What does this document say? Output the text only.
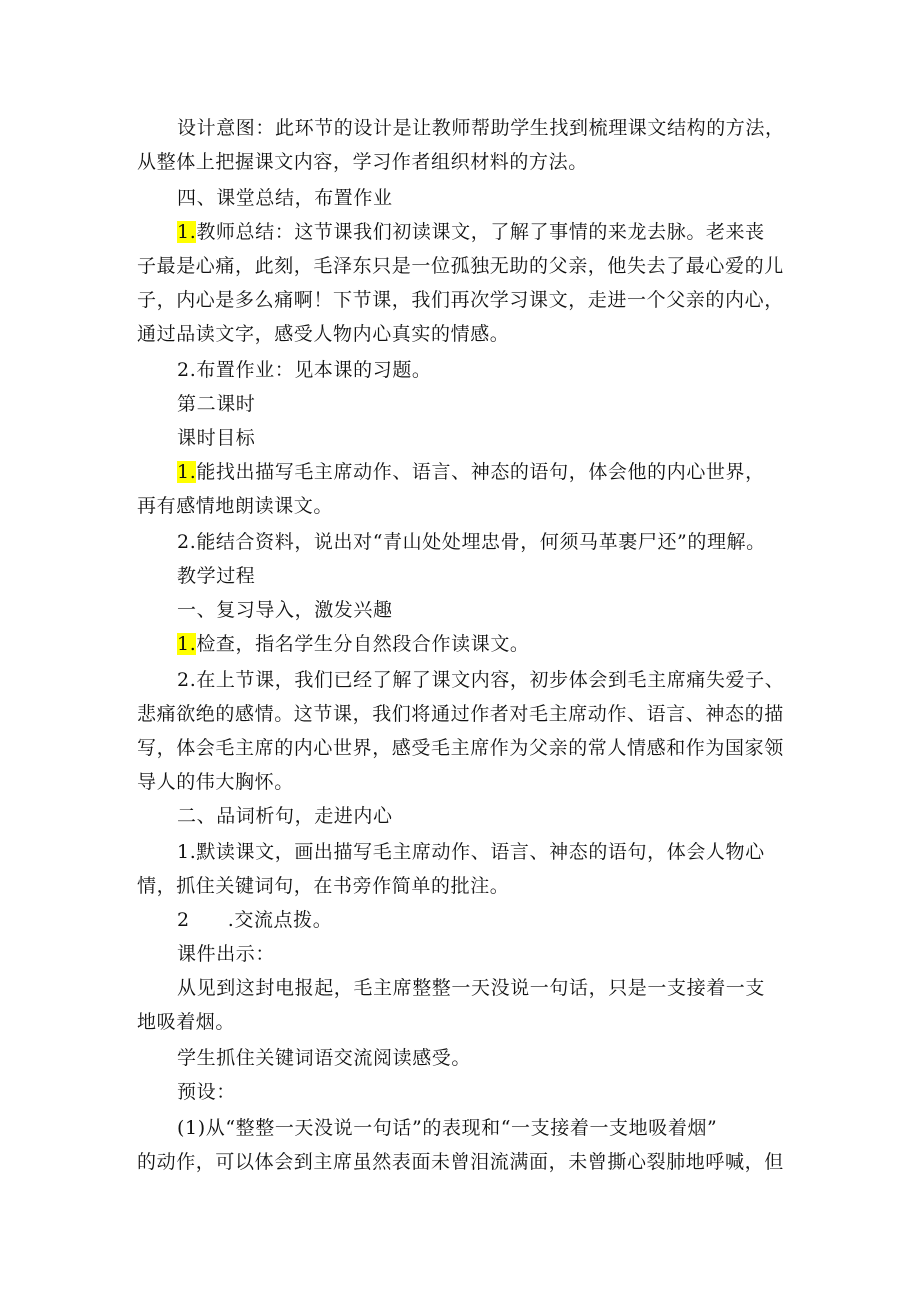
设计意图：此环节的设计是让教师帮助学生找到梳理课文结构的方法，
从整体上把握课文内容，学习作者组织材料的方法。
四、课堂总结，布置作业
1.教师总结：这节课我们初读课文，了解了事情的来龙去脉。老来丧
子最是心痛，此刻，毛泽东只是一位孤独无助的父亲，他失去了最心爱的儿
子，内心是多么痛啊！下节课，我们再次学习课文，走进一个父亲的内心，
通过品读文字，感受人物内心真实的情感。
2.布置作业：见本课的习题。
第二课时
课时目标
1.能找出描写毛主席动作、语言、神态的语句，体会他的内心世界，
再有感情地朗读课文。
2.能结合资料，说出对“青山处处埋忠骨，何须马革裹尸还”的理解。
教学过程
一、复习导入，激发兴趣
1.检查，指名学生分自然段合作读课文。
2.在上节课，我们已经了解了课文内容，初步体会到毛主席痛失爱子、
悲痛欲绝的感情。这节课，我们将通过作者对毛主席动作、语言、神态的描
写，体会毛主席的内心世界，感受毛主席作为父亲的常人情感和作为国家领
导人的伟大胸怀。
二、品词析句，走进内心
1.默读课文，画出描写毛主席动作、语言、神态的语句，体会人物心
情，抓住关键词句，在书旁作简单的批注。
2 .交流点拨。
课件出示：
从见到这封电报起，毛主席整整一天没说一句话，只是一支接着一支
地吸着烟。
学生抓住关键词语交流阅读感受。
预设：
(1)从“整整一天没说一句话”的表现和“一支接着一支地吸着烟”
的动作，可以体会到主席虽然表面未曾泪流满面，未曾撕心裂肺地呼喊，但
